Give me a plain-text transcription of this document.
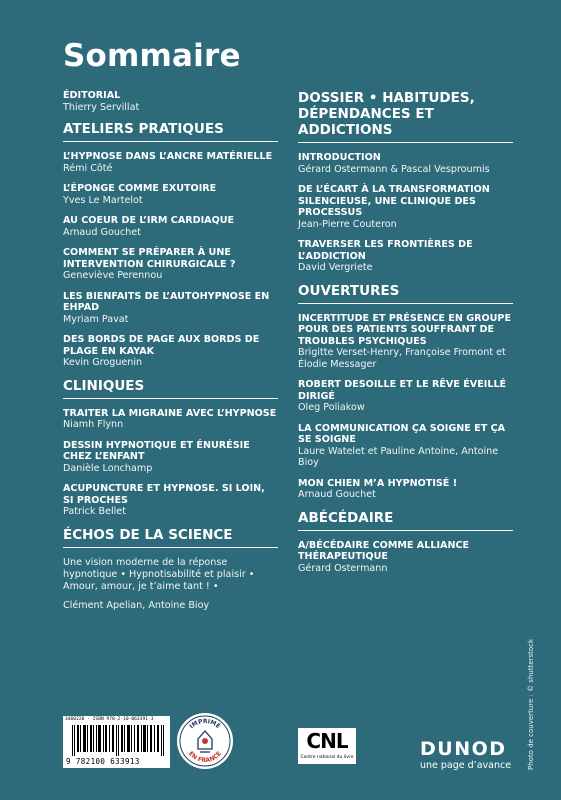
Sommaire
ÉDITORIAL
Thierry Servillat
ATELIERS PRATIQUES
L’HYPNOSE DANS L’ANCRE MATÉRIELLE
Rémi Côté
L’ÉPONGE COMME EXUTOIRE
Yves Le Martelot
AU COEUR DE L’IRM CARDIAQUE
Arnaud Gouchet
COMMENT SE PRÉPARER À UNE INTERVENTION CHIRURGICALE ?
Geneviève Perennou
LES BIENFAITS DE L’AUTOHYPNOSE EN EHPAD
Myriam Pavat
DES BORDS DE PAGE AUX BORDS DE PLAGE EN KAYAK
Kevin Groguenin
CLINIQUES
TRAITER LA MIGRAINE AVEC L’HYPNOSE
Niamh Flynn
DESSIN HYPNOTIQUE ET ÉNURÉSIE CHEZ L’ENFANT
Danièle Lonchamp
ACUPUNCTURE ET HYPNOSE. SI LOIN, SI PROCHES
Patrick Bellet
ÉCHOS DE LA SCIENCE
Une vision moderne de la réponse hypnotique • Hypnotisabilité et plaisir • Amour, amour, je t’aime tant ! •
Clément Apelian, Antoine Bioy
DOSSIER • HABITUDES, DÉPENDANCES ET ADDICTIONS
INTRODUCTION
Gérard Ostermann & Pascal Vesproumis
DE L’ÉCART À LA TRANSFORMATION SILENCIEUSE, UNE CLINIQUE DES PROCESSUS
Jean-Pierre Couteron
TRAVERSER LES FRONTIÈRES DE L’ADDICTION
David Vergriete
OUVERTURES
INCERTITUDE ET PRÉSENCE EN GROUPE POUR DES PATIENTS SOUFFRANT DE TROUBLES PSYCHIQUES
Brigitte Verset-Henry, Françoise Fromont et Élodie Messager
ROBERT DESOILLE ET LE RÊVE ÉVEILLÉ DIRIGÉ
Oleg Poliakow
LA COMMUNICATION ÇA SOIGNE ET ÇA SE SOIGNE
Laure Watelet et Pauline Antoine, Antoine Bioy
MON CHIEN M’A HYPNOTISÉ !
Arnaud Gouchet
ABÉCÉDAIRE
A/BÉCÉDAIRE COMME ALLIANCE THÉRAPEUTIQUE
Gérard Ostermann
3460220 · ISBN 978-2-10-063391-3
9 782100 633913
IMPRIMÉ
EN FRANCE
CNL
Centre national du livre	DUNOD
une page d’avance Photo de couverture : © shutterstock
